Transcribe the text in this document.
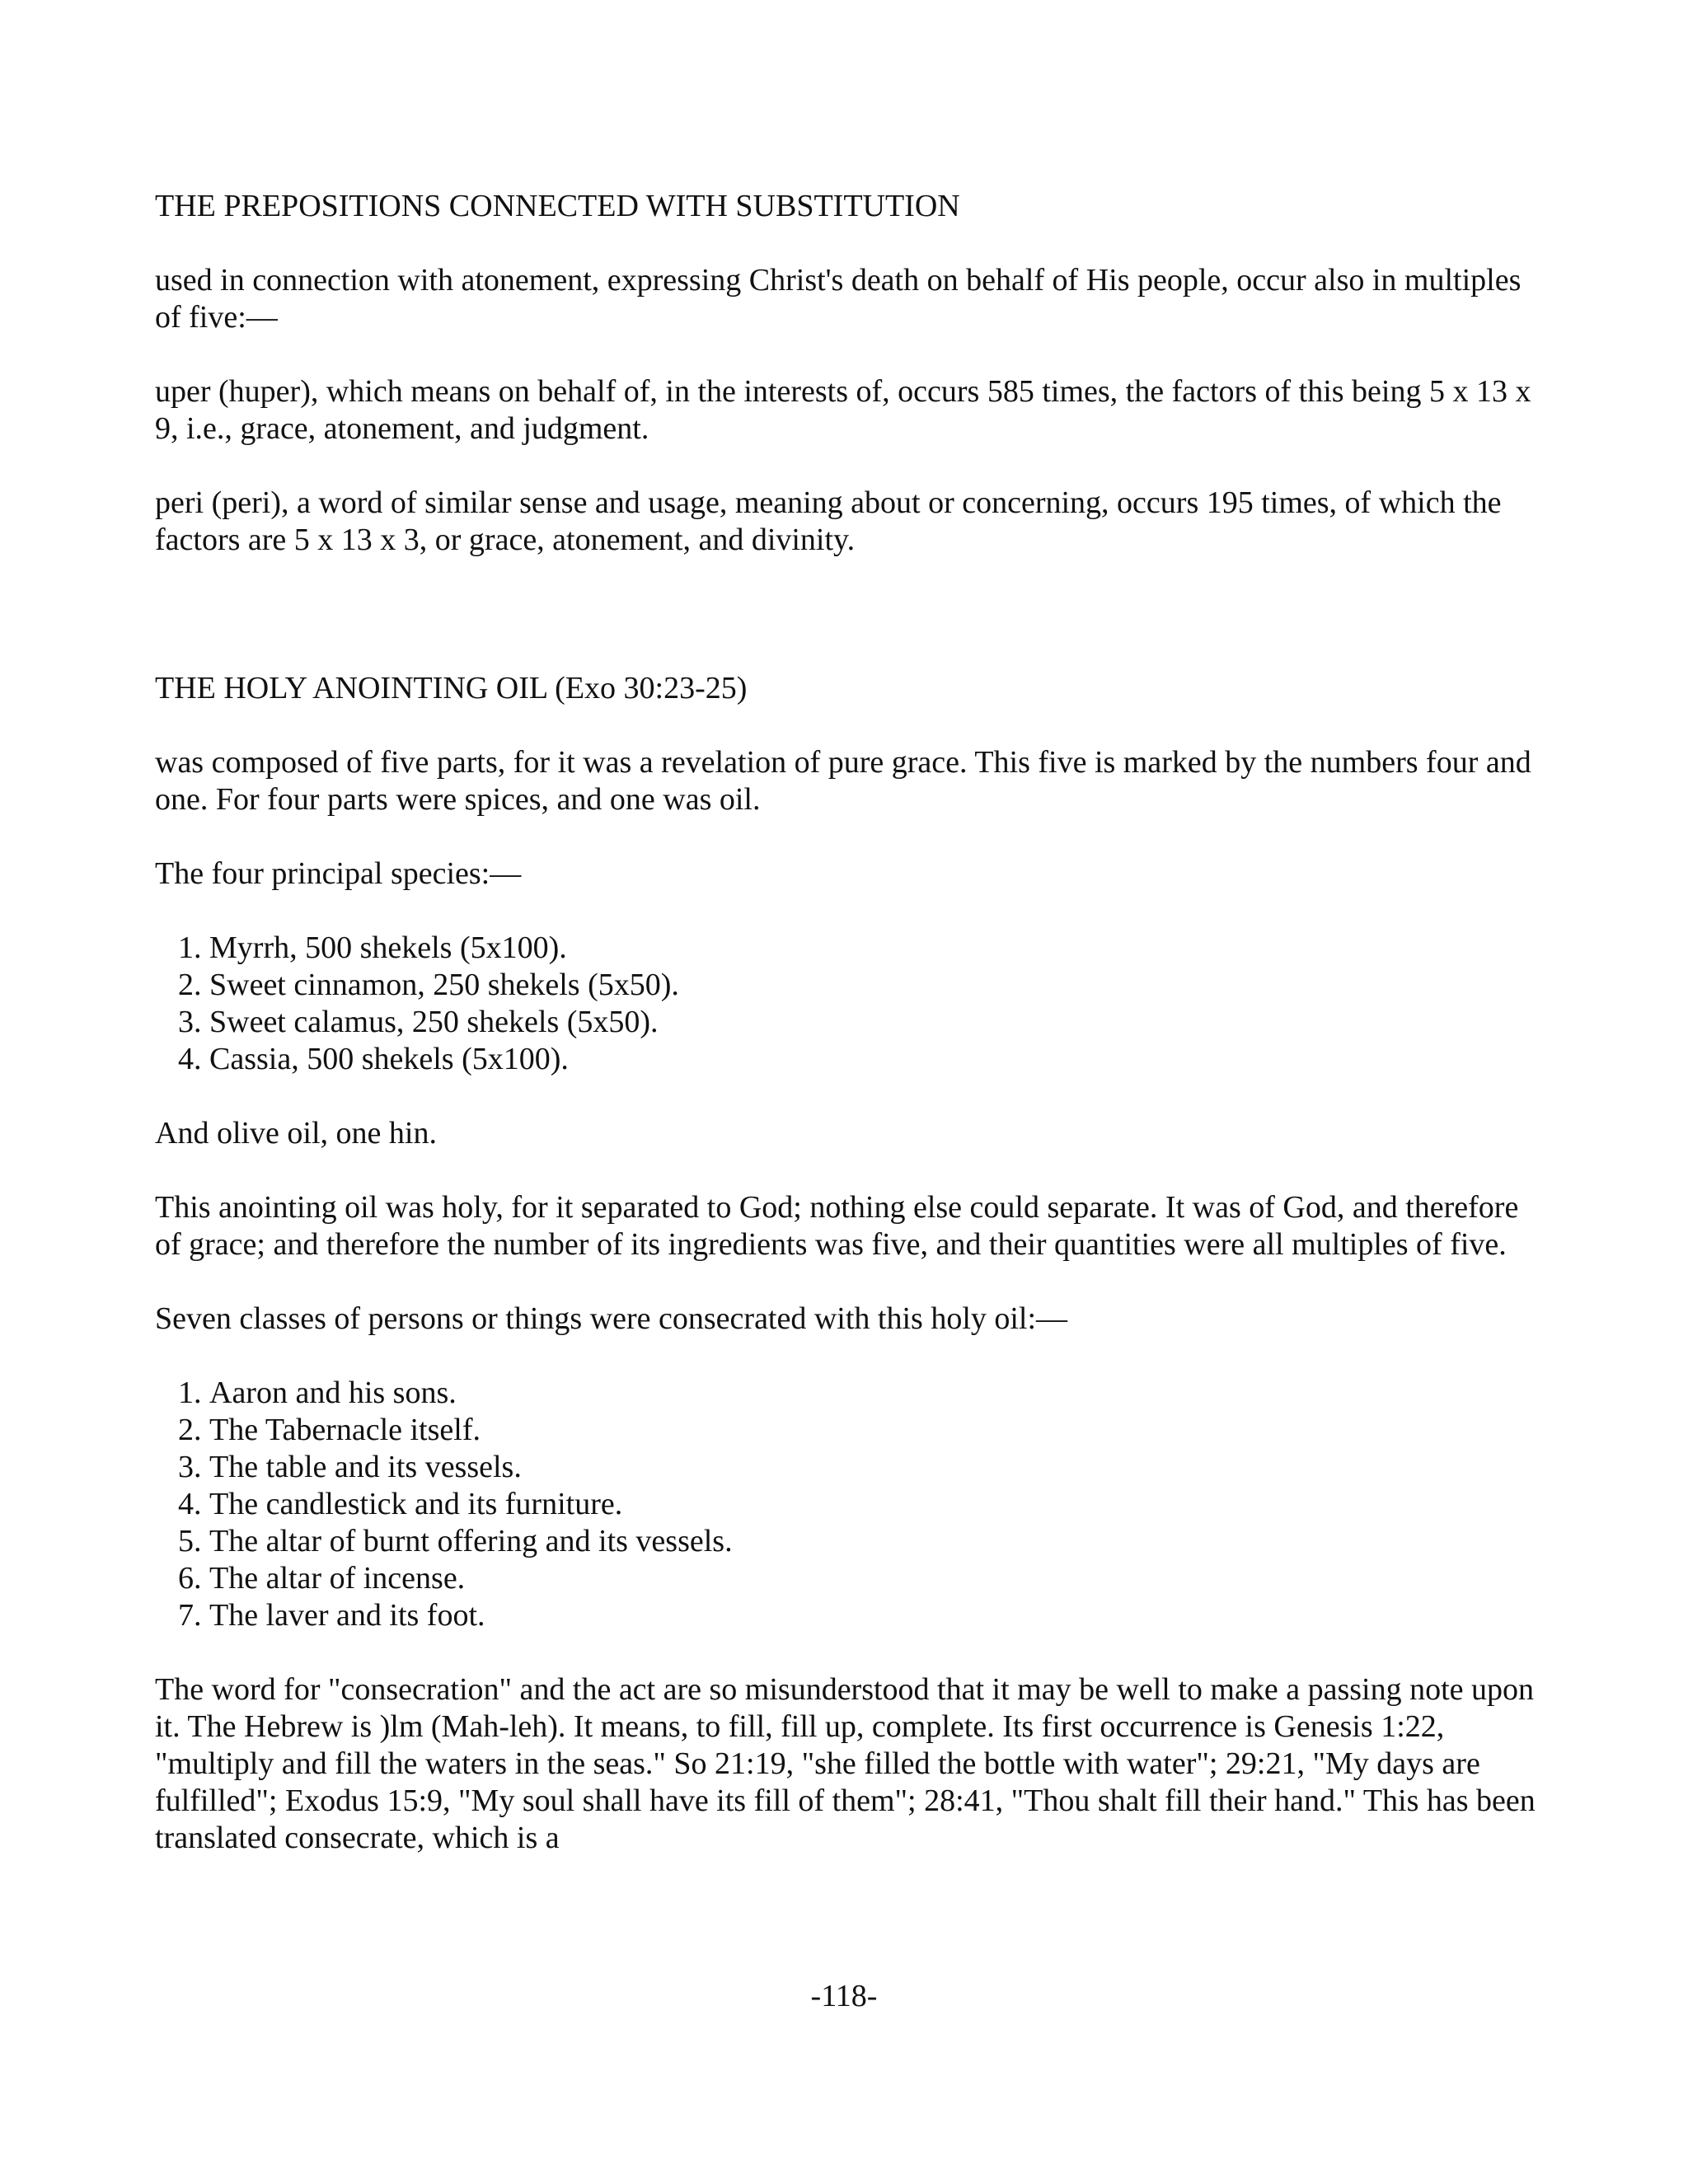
THE PREPOSITIONS CONNECTED WITH SUBSTITUTION

used in connection with atonement, expressing Christ's death on behalf of His people, occur also in multiples of five:—

uper (huper), which means on behalf of, in the interests of, occurs 585 times, the factors of this being 5 x 13 x 9, i.e., grace, atonement, and judgment.

peri (peri), a word of similar sense and usage, meaning about or concerning, occurs 195 times, of which the factors are 5 x 13 x 3, or grace, atonement, and divinity.

THE HOLY ANOINTING OIL (Exo 30:23-25)

was composed of five parts, for it was a revelation of pure grace. This five is marked by the numbers four and one. For four parts were spices, and one was oil.

The four principal species:—

1. Myrrh, 500 shekels (5x100).
2. Sweet cinnamon, 250 shekels (5x50).
3. Sweet calamus, 250 shekels (5x50).
4. Cassia, 500 shekels (5x100).

And olive oil, one hin.

This anointing oil was holy, for it separated to God; nothing else could separate. It was of God, and therefore of grace; and therefore the number of its ingredients was five, and their quantities were all multiples of five.

Seven classes of persons or things were consecrated with this holy oil:—

1. Aaron and his sons.
2. The Tabernacle itself.
3. The table and its vessels.
4. The candlestick and its furniture.
5. The altar of burnt offering and its vessels.
6. The altar of incense.
7. The laver and its foot.

The word for "consecration" and the act are so misunderstood that it may be well to make a passing note upon it. The Hebrew is )lm (Mah-leh). It means, to fill, fill up, complete. Its first occurrence is Genesis 1:22, "multiply and fill the waters in the seas." So 21:19, "she filled the bottle with water"; 29:21, "My days are fulfilled"; Exodus 15:9, "My soul shall have its fill of them"; 28:41, "Thou shalt fill their hand." This has been translated consecrate, which is a

-118-
